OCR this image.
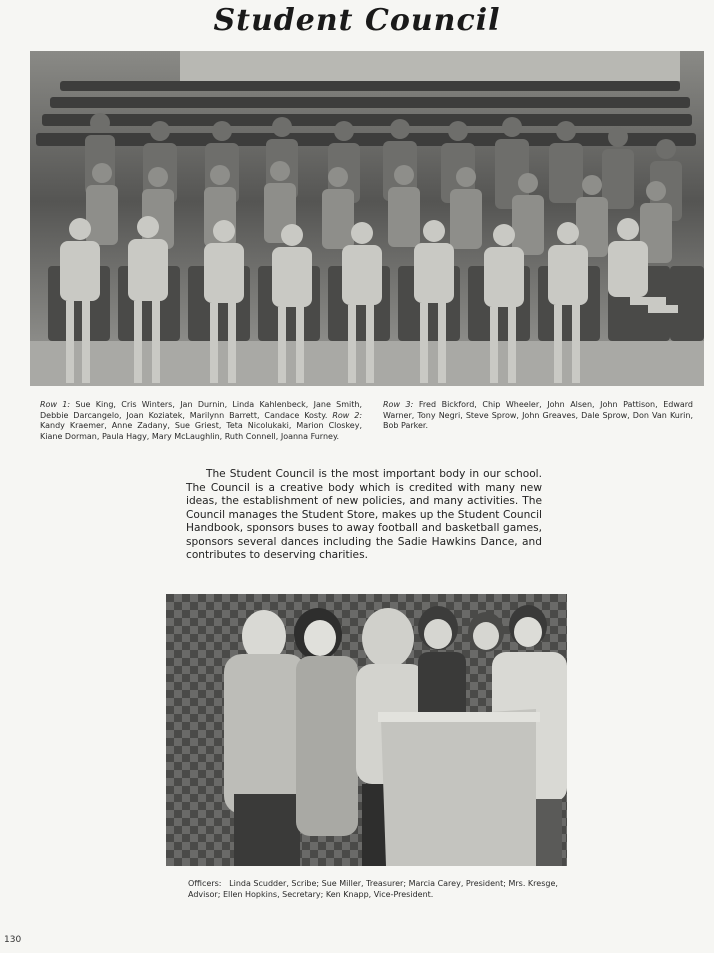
Student Council
Row 1: Sue King, Cris Winters, Jan Durnin, Linda Kahlenbeck, Jane Smith, Debbie Darcangelo, Joan Koziatek, Marilynn Barrett, Candace Kosty. Row 2: Kandy Kraemer, Anne Zadany, Sue Griest, Teta Nicolukaki, Marion Closkey, Kiane Dorman, Paula Hagy, Mary McLaughlin, Ruth Connell, Joanna Furney.
Row 3: Fred Bickford, Chip Wheeler, John Alsen, John Pattison, Edward Warner, Tony Negri, Steve Sprow, John Greaves, Dale Sprow, Don Van Kurin, Bob Parker.
The Student Council is the most important body in our school. The Council is a creative body which is credited with many new ideas, the establishment of new policies, and many activities. The Council manages the Student Store, makes up the Student Council Handbook, sponsors buses to away football and basketball games, sponsors several dances including the Sadie Hawkins Dance, and contributes to deserving charities.
Officers: Linda Scudder, Scribe; Sue Miller, Treasurer; Marcia Carey, President; Mrs. Kresge, Advisor; Ellen Hopkins, Secretary; Ken Knapp, Vice-President.
130
